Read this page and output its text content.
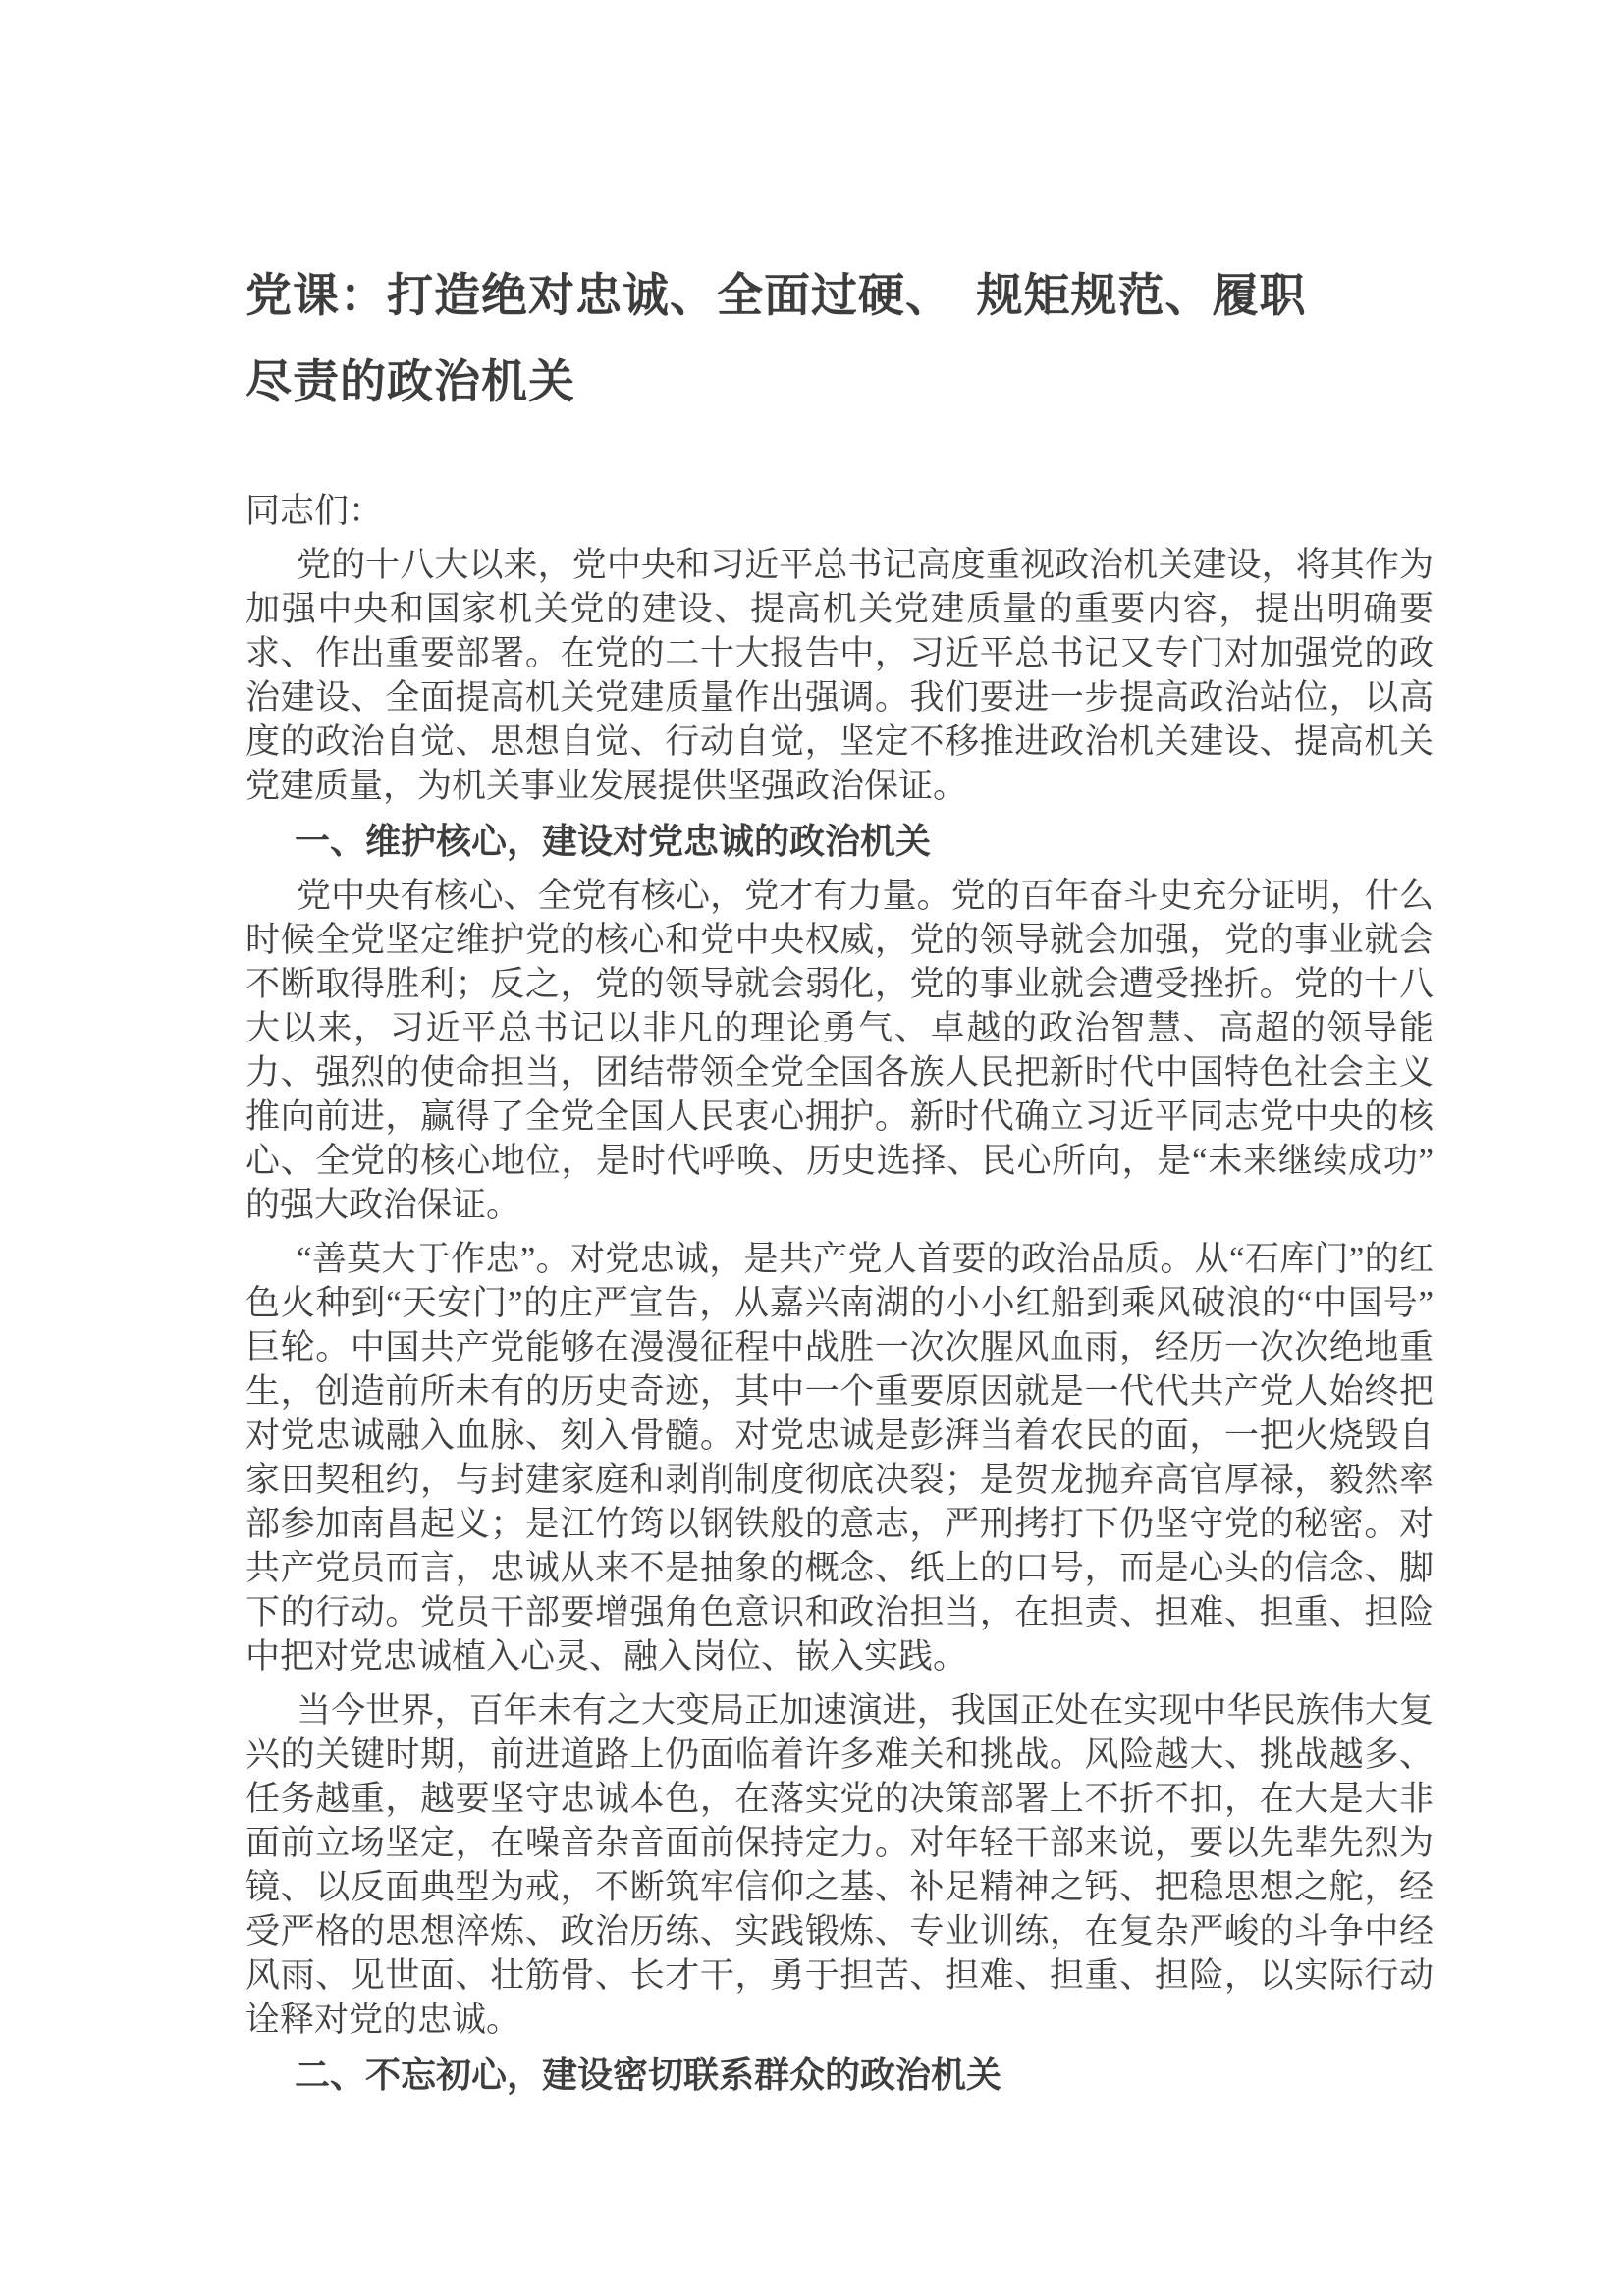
党课：打造绝对忠诚、全面过硬、　规矩规范、履职
尽责的政治机关

同志们：

党的十八大以来，党中央和习近平总书记高度重视政治机关建设，将其作为加强中央和国家机关党的建设、提高机关党建质量的重要内容，提出明确要求、作出重要部署。在党的二十大报告中，习近平总书记又专门对加强党的政治建设、全面提高机关党建质量作出强调。我们要进一步提高政治站位，以高度的政治自觉、思想自觉、行动自觉，坚定不移推进政治机关建设、提高机关党建质量，为机关事业发展提供坚强政治保证。

一、维护核心，建设对党忠诚的政治机关

党中央有核心、全党有核心，党才有力量。党的百年奋斗史充分证明，什么时候全党坚定维护党的核心和党中央权威，党的领导就会加强，党的事业就会不断取得胜利；反之，党的领导就会弱化，党的事业就会遭受挫折。党的十八大以来，习近平总书记以非凡的理论勇气、卓越的政治智慧、高超的领导能力、强烈的使命担当，团结带领全党全国各族人民把新时代中国特色社会主义推向前进，赢得了全党全国人民衷心拥护。新时代确立习近平同志党中央的核心、全党的核心地位，是时代呼唤、历史选择、民心所向，是“未来继续成功”的强大政治保证。

“善莫大于作忠”。对党忠诚，是共产党人首要的政治品质。从“石库门”的红色火种到“天安门”的庄严宣告，从嘉兴南湖的小小红船到乘风破浪的“中国号”巨轮。中国共产党能够在漫漫征程中战胜一次次腥风血雨，经历一次次绝地重生，创造前所未有的历史奇迹，其中一个重要原因就是一代代共产党人始终把对党忠诚融入血脉、刻入骨髓。对党忠诚是彭湃当着农民的面，一把火烧毁自家田契租约，与封建家庭和剥削制度彻底决裂；是贺龙抛弃高官厚禄，毅然率部参加南昌起义；是江竹筠以钢铁般的意志，严刑拷打下仍坚守党的秘密。对共产党员而言，忠诚从来不是抽象的概念、纸上的口号，而是心头的信念、脚下的行动。党员干部要增强角色意识和政治担当，在担责、担难、担重、担险中把对党忠诚植入心灵、融入岗位、嵌入实践。

当今世界，百年未有之大变局正加速演进，我国正处在实现中华民族伟大复兴的关键时期，前进道路上仍面临着许多难关和挑战。风险越大、挑战越多、任务越重，越要坚守忠诚本色，在落实党的决策部署上不折不扣，在大是大非面前立场坚定，在噪音杂音面前保持定力。对年轻干部来说，要以先辈先烈为镜、以反面典型为戒，不断筑牢信仰之基、补足精神之钙、把稳思想之舵，经受严格的思想淬炼、政治历练、实践锻炼、专业训练，在复杂严峻的斗争中经风雨、见世面、壮筋骨、长才干，勇于担苦、担难、担重、担险，以实际行动诠释对党的忠诚。

二、不忘初心，建设密切联系群众的政治机关
